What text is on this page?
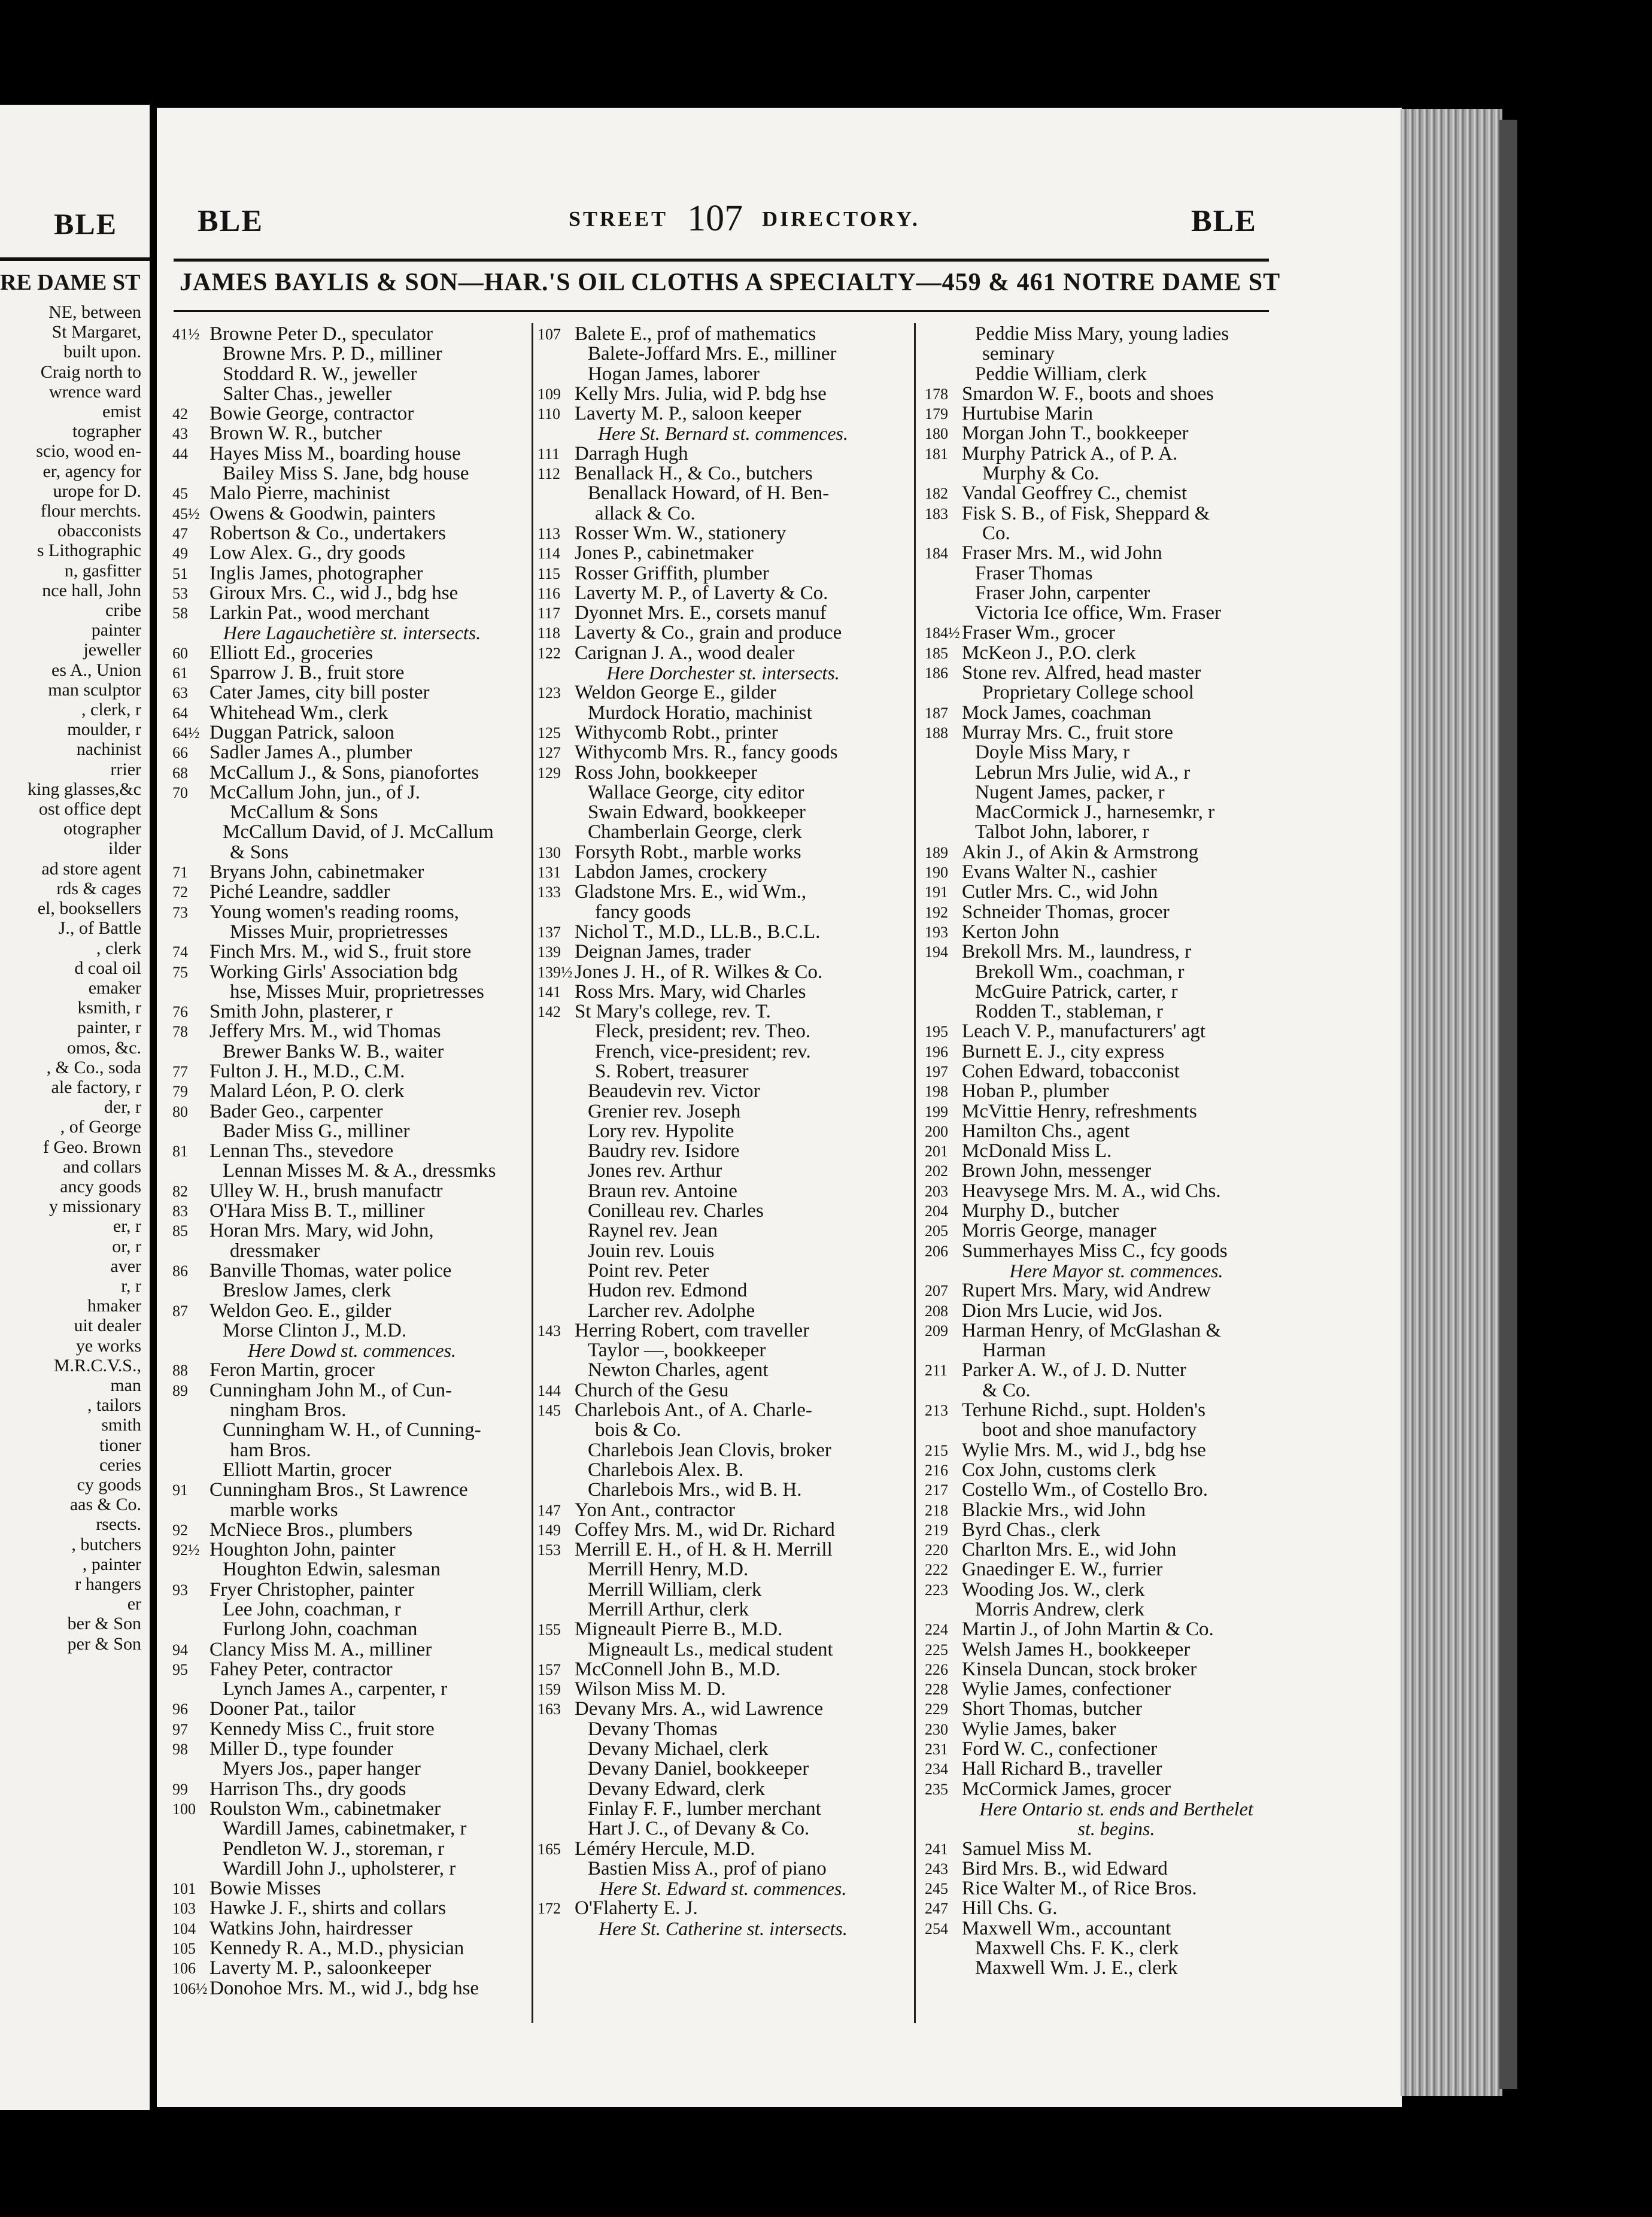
BLE
RE DAME ST
NE, between
St Margaret,
built upon.
Craig north to
wrence ward
emist
tographer
scio, wood en-
er, agency for
urope for D.
flour merchts.
obacconists
s Lithographic
n, gasfitter
nce hall, John
cribe
painter
jeweller
es A., Union
man sculptor
, clerk, r
moulder, r
nachinist
rrier
king glasses,&c
ost office dept
otographer
ilder
ad store agent
rds & cages
el, booksellers
J., of Battle
, clerk
d coal oil
emaker
ksmith, r
painter, r
omos, &c.
, & Co., soda
ale factory, r
der, r
, of George
f Geo. Brown
and collars
ancy goods
y missionary
er, r
or, r
aver
r, r
hmaker
uit dealer
ye works
M.R.C.V.S.,
man
, tailors
smith
tioner
ceries
cy goods
aas & Co.
rsects.
, butchers
, painter
r hangers
er
ber & Son
per & Son
BLE	STREET 107 DIRECTORY.	BLE
JAMES BAYLIS & SON—HAR.'S OIL CLOTHS A SPECIALTY—459 & 461 NOTRE DAME ST
41½ Browne Peter D., speculator
Browne Mrs. P. D., milliner
Stoddard R. W., jeweller
Salter Chas., jeweller
42	Bowie George, contractor
43	Brown W. R., butcher
44	Hayes Miss M., boarding house
Bailey Miss S. Jane, bdg house
45	Malo Pierre, machinist
45½ Owens & Goodwin, painters
47	Robertson & Co., undertakers
49	Low Alex. G., dry goods
51	Inglis James, photographer
53	Giroux Mrs. C., wid J., bdg hse
58	Larkin Pat., wood merchant
Here Lagauchetière st. intersects.
60	Elliott Ed., groceries
61	Sparrow J. B., fruit store
63	Cater James, city bill poster
64	Whitehead Wm., clerk
64½ Duggan Patrick, saloon
66	Sadler James A., plumber
68	McCallum J., & Sons, pianofortes
70	McCallum John, jun., of J.
McCallum & Sons
McCallum David, of J. McCallum
& Sons
71	Bryans John, cabinetmaker
72	Piché Leandre, saddler
73	Young women's reading rooms,
Misses Muir, proprietresses
74	Finch Mrs. M., wid S., fruit store
75	Working Girls' Association bdg
hse, Misses Muir, proprietresses
76	Smith John, plasterer, r
78	Jeffery Mrs. M., wid Thomas
Brewer Banks W. B., waiter
77	Fulton J. H., M.D., C.M.
79	Malard Léon, P. O. clerk
80	Bader Geo., carpenter
Bader Miss G., milliner
81	Lennan Ths., stevedore
Lennan Misses M. & A., dressmks
82	Ulley W. H., brush manufactr
83	O'Hara Miss B. T., milliner
85	Horan Mrs. Mary, wid John,
dressmaker
86	Banville Thomas, water police
Breslow James, clerk
87	Weldon Geo. E., gilder
Morse Clinton J., M.D.
Here Dowd st. commences.
88	Feron Martin, grocer
89	Cunningham John M., of Cun-
ningham Bros.
Cunningham W. H., of Cunning-
ham Bros.
Elliott Martin, grocer
91	Cunningham Bros., St Lawrence
marble works
92	McNiece Bros., plumbers
92½ Houghton John, painter
Houghton Edwin, salesman
93	Fryer Christopher, painter
Lee John, coachman, r
Furlong John, coachman
94	Clancy Miss M. A., milliner
95	Fahey Peter, contractor
Lynch James A., carpenter, r
96	Dooner Pat., tailor
97	Kennedy Miss C., fruit store
98	Miller D., type founder
Myers Jos., paper hanger
99	Harrison Ths., dry goods
100 Roulston Wm., cabinetmaker
Wardill James, cabinetmaker, r
Pendleton W. J., storeman, r
Wardill John J., upholsterer, r
101 Bowie Misses
103 Hawke J. F., shirts and collars
104 Watkins John, hairdresser
105 Kennedy R. A., M.D., physician
106 Laverty M. P., saloonkeeper
106½ Donohoe Mrs. M., wid J., bdg hse
107 Balete E., prof of mathematics
Balete-Joffard Mrs. E., milliner
Hogan James, laborer
109 Kelly Mrs. Julia, wid P. bdg hse
110 Laverty M. P., saloon keeper
Here St. Bernard st. commences.
111 Darragh Hugh
112 Benallack H., & Co., butchers
Benallack Howard, of H. Ben-
allack & Co.
113 Rosser Wm. W., stationery
114 Jones P., cabinetmaker
115 Rosser Griffith, plumber
116 Laverty M. P., of Laverty & Co.
117 Dyonnet Mrs. E., corsets manuf
118 Laverty & Co., grain and produce
122 Carignan J. A., wood dealer
Here Dorchester st. intersects.
123 Weldon George E., gilder
Murdock Horatio, machinist
125 Withycomb Robt., printer
127 Withycomb Mrs. R., fancy goods
129 Ross John, bookkeeper
Wallace George, city editor
Swain Edward, bookkeeper
Chamberlain George, clerk
130 Forsyth Robt., marble works
131 Labdon James, crockery
133 Gladstone Mrs. E., wid Wm.,
fancy goods
137 Nichol T., M.D., LL.B., B.C.L.
139 Deignan James, trader
139½ Jones J. H., of R. Wilkes & Co.
141 Ross Mrs. Mary, wid Charles
142 St Mary's college, rev. T.
Fleck, president; rev. Theo.
French, vice-president; rev.
S. Robert, treasurer
Beaudevin rev. Victor
Grenier rev. Joseph
Lory rev. Hypolite
Baudry rev. Isidore
Jones rev. Arthur
Braun rev. Antoine
Conilleau rev. Charles
Raynel rev. Jean
Jouin rev. Louis
Point rev. Peter
Hudon rev. Edmond
Larcher rev. Adolphe
143 Herring Robert, com traveller
Taylor —, bookkeeper
Newton Charles, agent
144 Church of the Gesu
145 Charlebois Ant., of A. Charle-
bois & Co.
Charlebois Jean Clovis, broker
Charlebois Alex. B.
Charlebois Mrs., wid B. H.
147 Yon Ant., contractor
149 Coffey Mrs. M., wid Dr. Richard
153 Merrill E. H., of H. & H. Merrill
Merrill Henry, M.D.
Merrill William, clerk
Merrill Arthur, clerk
155 Migneault Pierre B., M.D.
Migneault Ls., medical student
157 McConnell John B., M.D.
159 Wilson Miss M. D.
163 Devany Mrs. A., wid Lawrence
Devany Thomas
Devany Michael, clerk
Devany Daniel, bookkeeper
Devany Edward, clerk
Finlay F. F., lumber merchant
Hart J. C., of Devany & Co.
165 Léméry Hercule, M.D.
Bastien Miss A., prof of piano
Here St. Edward st. commences.
172 O'Flaherty E. J.
Here St. Catherine st. intersects.
Peddie Miss Mary, young ladies
seminary
Peddie William, clerk
178 Smardon W. F., boots and shoes
179 Hurtubise Marin
180 Morgan John T., bookkeeper
181 Murphy Patrick A., of P. A.
Murphy & Co.
182 Vandal Geoffrey C., chemist
183 Fisk S. B., of Fisk, Sheppard &
Co.
184 Fraser Mrs. M., wid John
Fraser Thomas
Fraser John, carpenter
Victoria Ice office, Wm. Fraser
184½ Fraser Wm., grocer
185 McKeon J., P.O. clerk
186 Stone rev. Alfred, head master
Proprietary College school
187 Mock James, coachman
188 Murray Mrs. C., fruit store
Doyle Miss Mary, r
Lebrun Mrs Julie, wid A., r
Nugent James, packer, r
MacCormick J., harnesemkr, r
Talbot John, laborer, r
189 Akin J., of Akin & Armstrong
190 Evans Walter N., cashier
191 Cutler Mrs. C., wid John
192 Schneider Thomas, grocer
193 Kerton John
194 Brekoll Mrs. M., laundress, r
Brekoll Wm., coachman, r
McGuire Patrick, carter, r
Rodden T., stableman, r
195 Leach V. P., manufacturers' agt
196 Burnett E. J., city express
197 Cohen Edward, tobacconist
198 Hoban P., plumber
199 McVittie Henry, refreshments
200 Hamilton Chs., agent
201 McDonald Miss L.
202 Brown John, messenger
203 Heavysege Mrs. M. A., wid Chs.
204 Murphy D., butcher
205 Morris George, manager
206 Summerhayes Miss C., fcy goods
Here Mayor st. commences.
207 Rupert Mrs. Mary, wid Andrew
208 Dion Mrs Lucie, wid Jos.
209 Harman Henry, of McGlashan &
Harman
211 Parker A. W., of J. D. Nutter
& Co.
213 Terhune Richd., supt. Holden's
boot and shoe manufactory
215 Wylie Mrs. M., wid J., bdg hse
216 Cox John, customs clerk
217 Costello Wm., of Costello Bro.
218 Blackie Mrs., wid John
219 Byrd Chas., clerk
220 Charlton Mrs. E., wid John
222 Gnaedinger E. W., furrier
223 Wooding Jos. W., clerk
Morris Andrew, clerk
224 Martin J., of John Martin & Co.
225 Welsh James H., bookkeeper
226 Kinsela Duncan, stock broker
228 Wylie James, confectioner
229 Short Thomas, butcher
230 Wylie James, baker
231 Ford W. C., confectioner
234 Hall Richard B., traveller
235 McCormick James, grocer
Here Ontario st. ends and Berthelet
st. begins.
241 Samuel Miss M.
243 Bird Mrs. B., wid Edward
245 Rice Walter M., of Rice Bros.
247 Hill Chs. G.
254 Maxwell Wm., accountant
Maxwell Chs. F. K., clerk
Maxwell Wm. J. E., clerk
